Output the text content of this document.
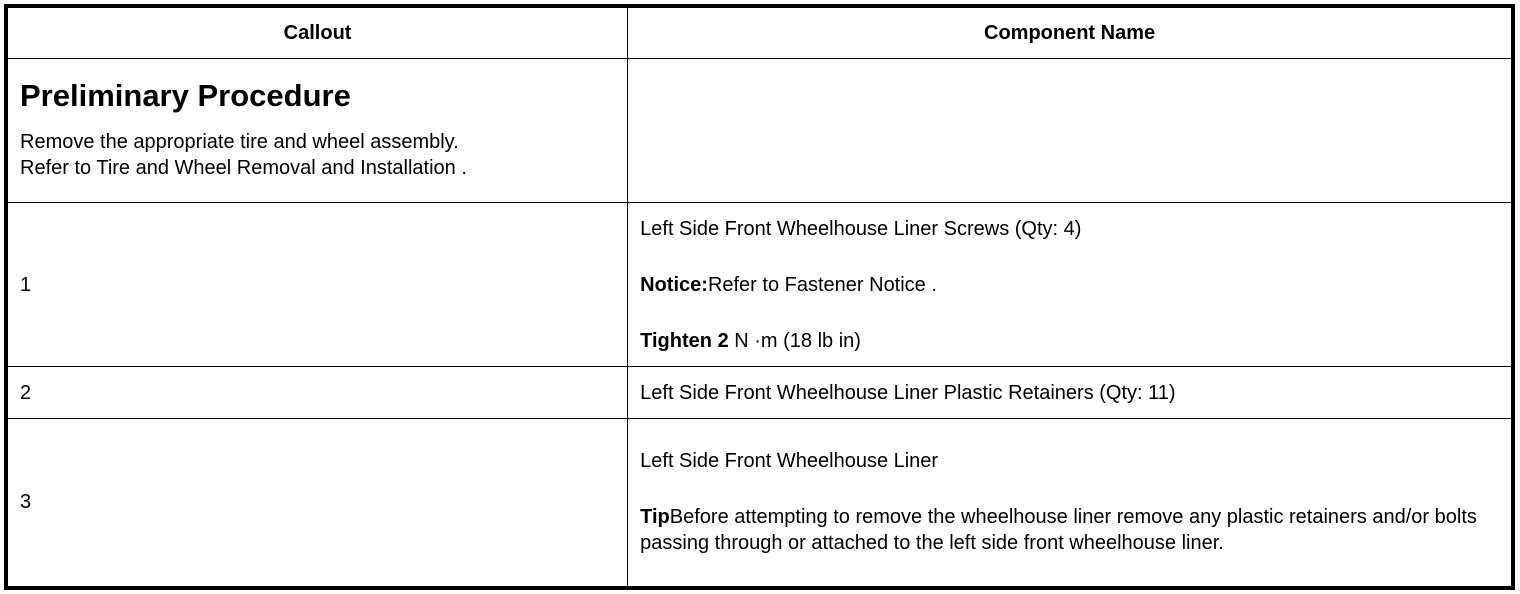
Callout	Component Name

Preliminary Procedure
Remove the appropriate tire and wheel assembly.
Refer to Tire and Wheel Removal and Installation .	

1	Left Side Front Wheelhouse Liner Screws (Qty: 4)
Notice:Refer to Fastener Notice .
Tighten 2 N ·m (18 lb in)

2	Left Side Front Wheelhouse Liner Plastic Retainers (Qty: 11)

3	Left Side Front Wheelhouse Liner
TipBefore attempting to remove the wheelhouse liner remove any plastic retainers and/or bolts passing through or attached to the left side front wheelhouse liner.
